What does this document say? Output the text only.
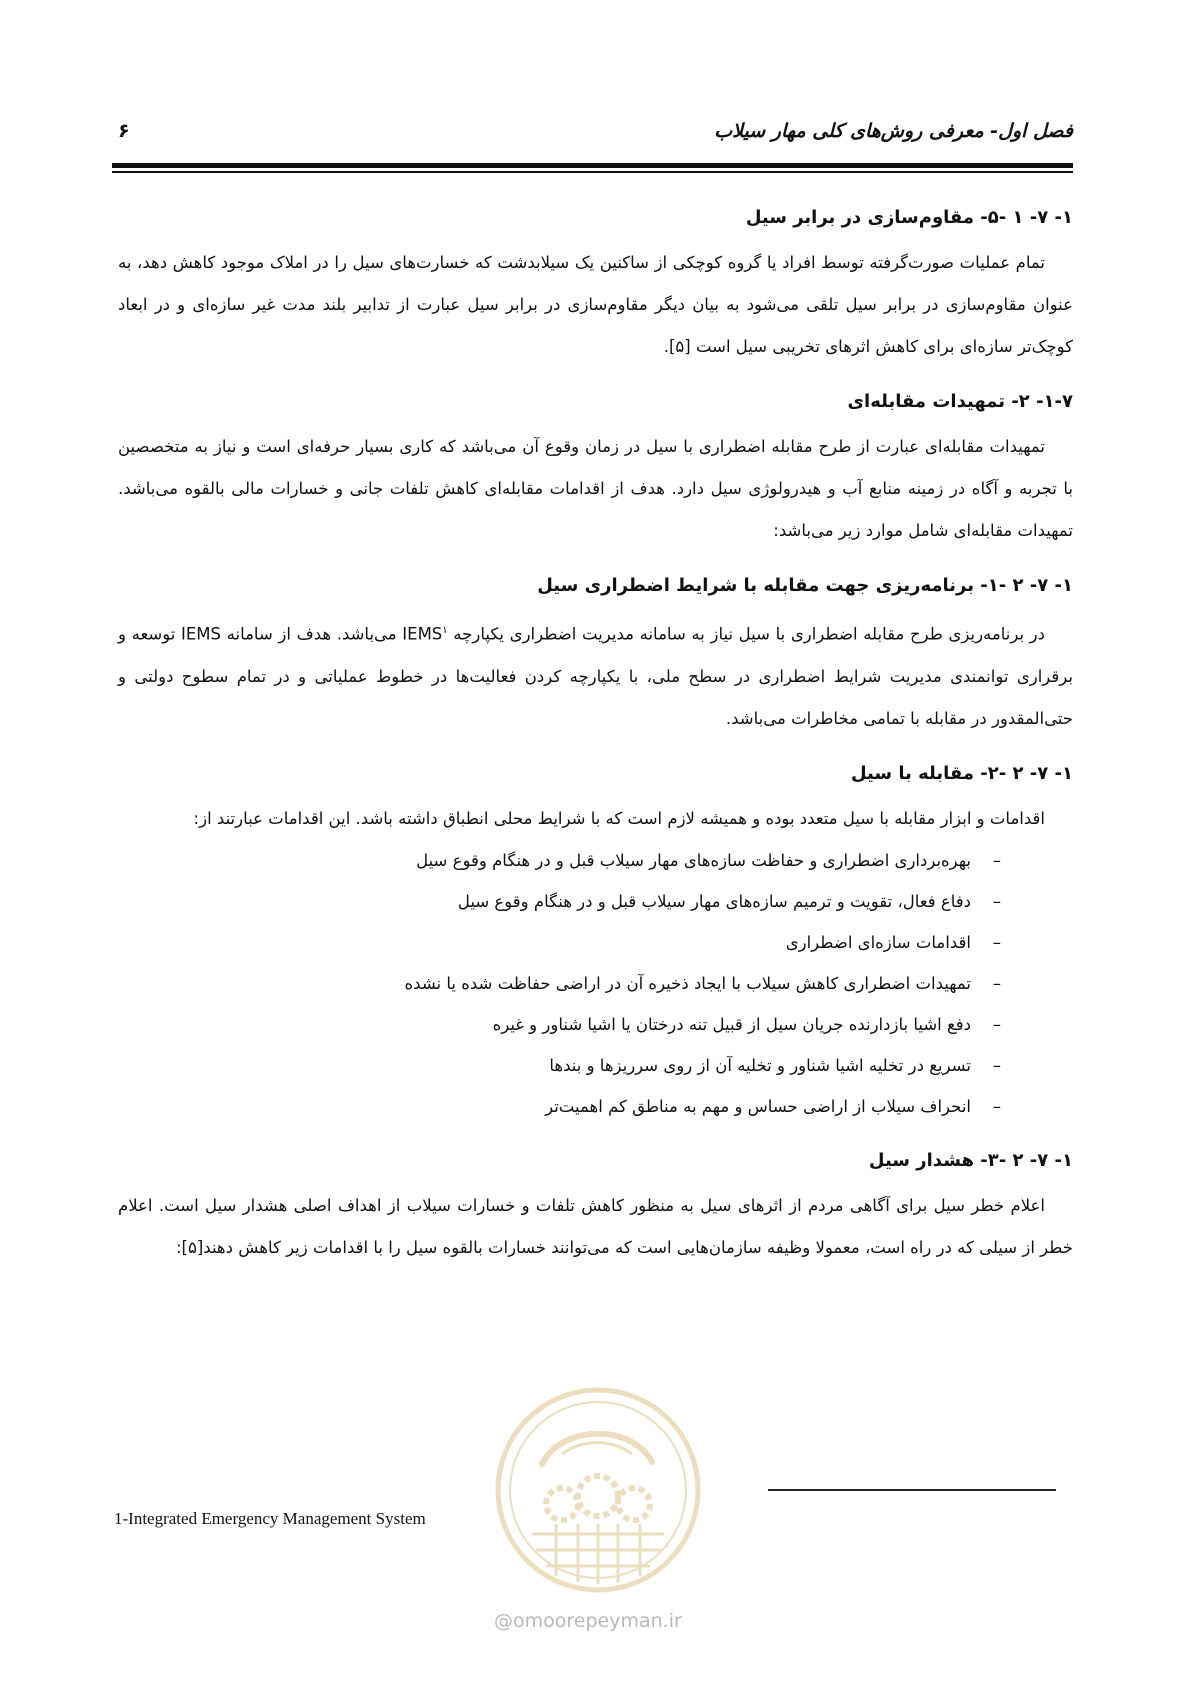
فصل اول- معرفی روش‌های کلی مهار سیلاب
۶
۱- ۷- ۱ -۵- مقاوم‌سازی در برابر سیل

تمام عملیات صورت‌گرفته توسط افراد یا گروه کوچکی از ساکنین یک سیلابدشت که خسارت‌های سیل را در املاک موجود کاهش دهد، به عنوان مقاوم‌سازی در برابر سیل تلقی می‌شود به بیان دیگر مقاوم‌سازی در برابر سیل عبارت از تدابیر بلند مدت غیر سازه‌ای و در ابعاد کوچک‌تر سازه‌ای برای کاهش اثرهای تخریبی سیل است [۵].

۱-۷- ۲- تمهیدات مقابله‌ای

تمهیدات مقابله‌ای عبارت از طرح مقابله اضطراری با سیل در زمان وقوع آن می‌باشد که کاری بسیار حرفه‌ای است و نیاز به متخصصین با تجربه و آگاه در زمینه منابع آب و هیدرولوژی سیل دارد. هدف از اقدامات مقابله‌ای کاهش تلفات جانی و خسارات مالی بالقوه می‌باشد. تمهیدات مقابله‌ای شامل موارد زیر می‌باشد:

۱- ۷- ۲ -۱- برنامه‌ریزی جهت مقابله با شرایط اضطراری سیل

در برنامه‌ریزی طرح مقابله اضطراری با سیل نیاز به سامانه مدیریت اضطراری یکپارچه IEMS$^۱$ می‌باشد. هدف از سامانه IEMS توسعه و برقراری توانمندی مدیریت شرایط اضطراری در سطح ملی، با یکپارچه کردن فعالیت‌ها در خطوط عملیاتی و در تمام سطوح دولتی و حتی‌المقدور در مقابله با تمامی مخاطرات می‌باشد.

۱- ۷- ۲ -۲- مقابله با سیل

اقدامات و ابزار مقابله با سیل متعدد بوده و همیشه لازم است که با شرایط محلی انطباق داشته باشد. این اقدامات عبارتند از:

–بهره‌برداری اضطراری و حفاظت سازه‌های مهار سیلاب قبل و در هنگام وقوع سیل
–دفاع فعال، تقویت و ترمیم سازه‌های مهار سیلاب قبل و در هنگام وقوع سیل
–اقدامات سازه‌ای اضطراری
–تمهیدات اضطراری کاهش سیلاب با ایجاد ذخیره آن در اراضی حفاظت شده یا نشده
–دفع اشیا بازدارنده جریان سیل از قبیل تنه درختان یا اشیا شناور و غیره
–تسریع در تخلیه اشیا شناور و تخلیه آن از روی سرریزها و بندها
–انحراف سیلاب از اراضی حساس و مهم به مناطق کم اهمیت‌تر
۱- ۷- ۲ -۳- هشدار سیل

اعلام خطر سیل برای آگاهی مردم از اثرهای سیل به منظور کاهش تلفات و خسارات سیلاب از اهداف اصلی هشدار سیل است. اعلام خطر از سیلی که در راه است، معمولا وظیفه سازمان‌هایی است که می‌توانند خسارات بالقوه سیل را با اقدامات زیر کاهش دهند[۵]:

1-Integrated Emergency Management System
@omoorepeyman.ir
